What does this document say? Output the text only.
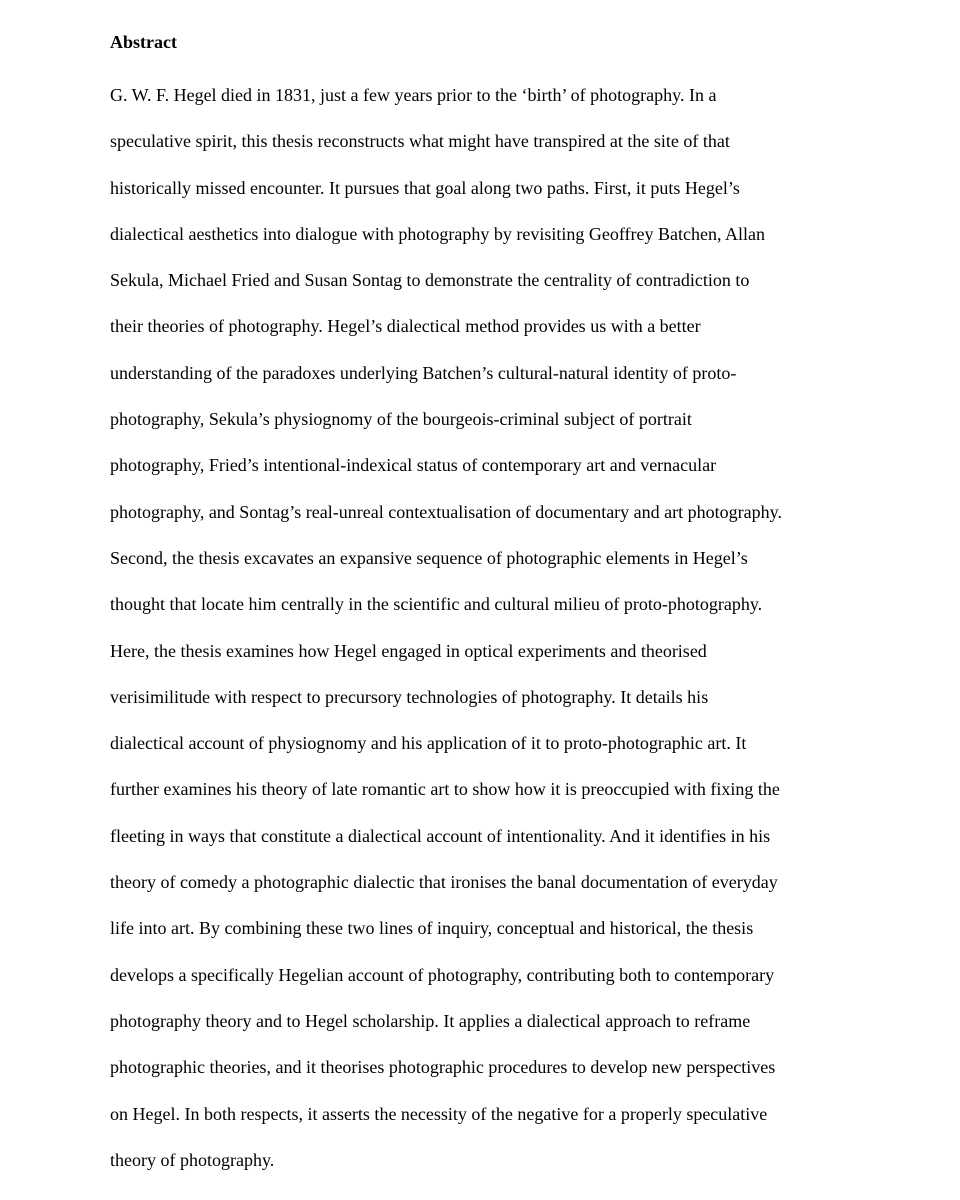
Abstract

G. W. F. Hegel died in 1831, just a few years prior to the ‘birth’ of photography. In a
speculative spirit, this thesis reconstructs what might have transpired at the site of that
historically missed encounter. It pursues that goal along two paths. First, it puts Hegel’s
dialectical aesthetics into dialogue with photography by revisiting Geoffrey Batchen, Allan
Sekula, Michael Fried and Susan Sontag to demonstrate the centrality of contradiction to
their theories of photography. Hegel’s dialectical method provides us with a better
understanding of the paradoxes underlying Batchen’s cultural-natural identity of proto-
photography, Sekula’s physiognomy of the bourgeois-criminal subject of portrait
photography, Fried’s intentional-indexical status of contemporary art and vernacular
photography, and Sontag’s real-unreal contextualisation of documentary and art photography.
Second, the thesis excavates an expansive sequence of photographic elements in Hegel’s
thought that locate him centrally in the scientific and cultural milieu of proto-photography.
Here, the thesis examines how Hegel engaged in optical experiments and theorised
verisimilitude with respect to precursory technologies of photography. It details his
dialectical account of physiognomy and his application of it to proto-photographic art. It
further examines his theory of late romantic art to show how it is preoccupied with fixing the
fleeting in ways that constitute a dialectical account of intentionality. And it identifies in his
theory of comedy a photographic dialectic that ironises the banal documentation of everyday
life into art. By combining these two lines of inquiry, conceptual and historical, the thesis
develops a specifically Hegelian account of photography, contributing both to contemporary
photography theory and to Hegel scholarship. It applies a dialectical approach to reframe
photographic theories, and it theorises photographic procedures to develop new perspectives
on Hegel. In both respects, it asserts the necessity of the negative for a properly speculative
theory of photography.
